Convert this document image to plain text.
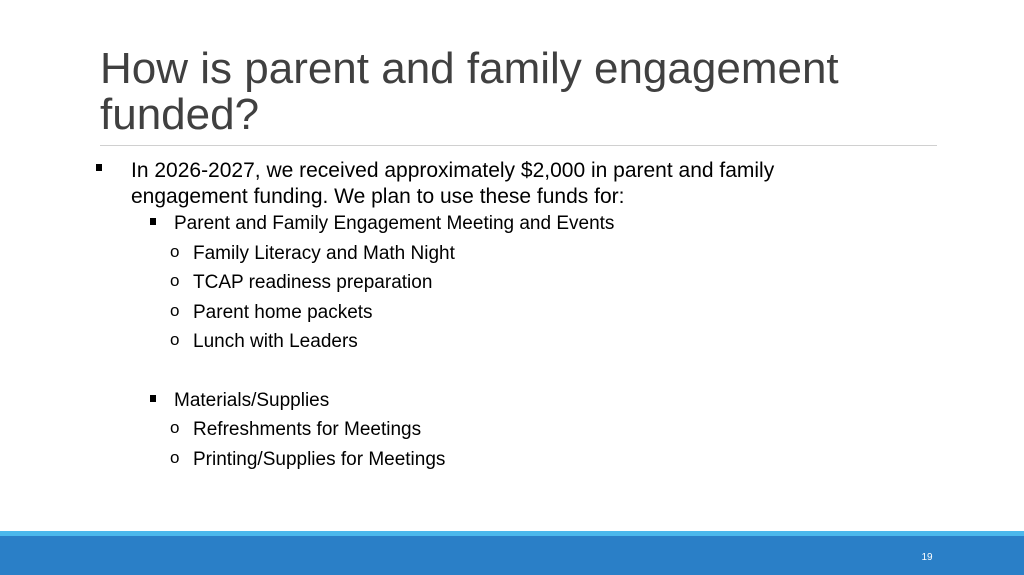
How is parent and family engagement funded?
In 2026-2027, we received approximately $2,000 in parent and family engagement funding. We plan to use these funds for:
Parent and Family Engagement Meeting and Events
o Family Literacy and Math Night
o TCAP readiness preparation
o Parent home packets
o Lunch with Leaders
Materials/Supplies
o Refreshments for Meetings
o Printing/Supplies for Meetings
19
